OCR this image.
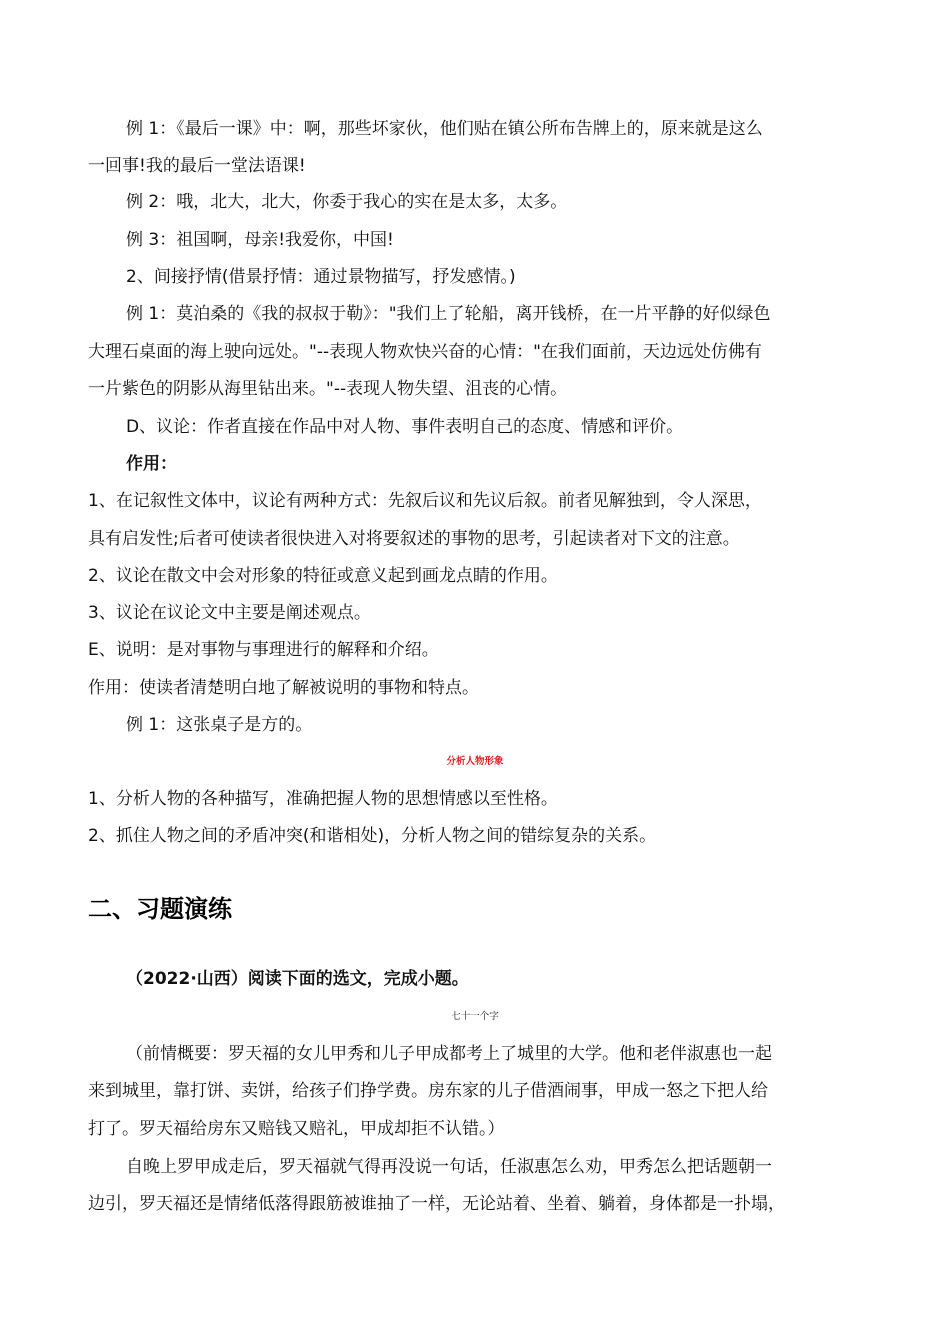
例 1：《最后一课》中：啊，那些坏家伙，他们贴在镇公所布告牌上的，原来就是这么
一回事!我的最后一堂法语课!
例 2：哦，北大，北大，你委于我心的实在是太多，太多。
例 3：祖国啊，母亲!我爱你，中国!
2、间接抒情(借景抒情：通过景物描写，抒发感情。)
例 1：莫泊桑的《我的叔叔于勒》："我们上了轮船，离开钱桥，在一片平静的好似绿色
大理石桌面的海上驶向远处。"--表现人物欢快兴奋的心情："在我们面前，天边远处仿佛有
一片紫色的阴影从海里钻出来。"--表现人物失望、沮丧的心情。
D、议论：作者直接在作品中对人物、事件表明自己的态度、情感和评价。
作用：
1、在记叙性文体中，议论有两种方式：先叙后议和先议后叙。前者见解独到，令人深思，
具有启发性;后者可使读者很快进入对将要叙述的事物的思考，引起读者对下文的注意。
2、议论在散文中会对形象的特征或意义起到画龙点睛的作用。
3、议论在议论文中主要是阐述观点。
E、说明：是对事物与事理进行的解释和介绍。
作用：使读者清楚明白地了解被说明的事物和特点。
例 1：这张桌子是方的。
分析人物形象
1、分析人物的各种描写，准确把握人物的思想情感以至性格。
2、抓住人物之间的矛盾冲突(和谐相处)，分析人物之间的错综复杂的关系。
二、习题演练
（2022·山西）阅读下面的选文，完成小题。
七十一个字
（前情概要：罗天福的女儿甲秀和儿子甲成都考上了城里的大学。他和老伴淑惠也一起
来到城里，靠打饼、卖饼，给孩子们挣学费。房东家的儿子借酒闹事，甲成一怒之下把人给
打了。罗天福给房东又赔钱又赔礼，甲成却拒不认错。）
自晚上罗甲成走后，罗天福就气得再没说一句话，任淑惠怎么劝，甲秀怎么把话题朝一
边引，罗天福还是情绪低落得跟筋被谁抽了一样，无论站着、坐着、躺着，身体都是一扑塌，
